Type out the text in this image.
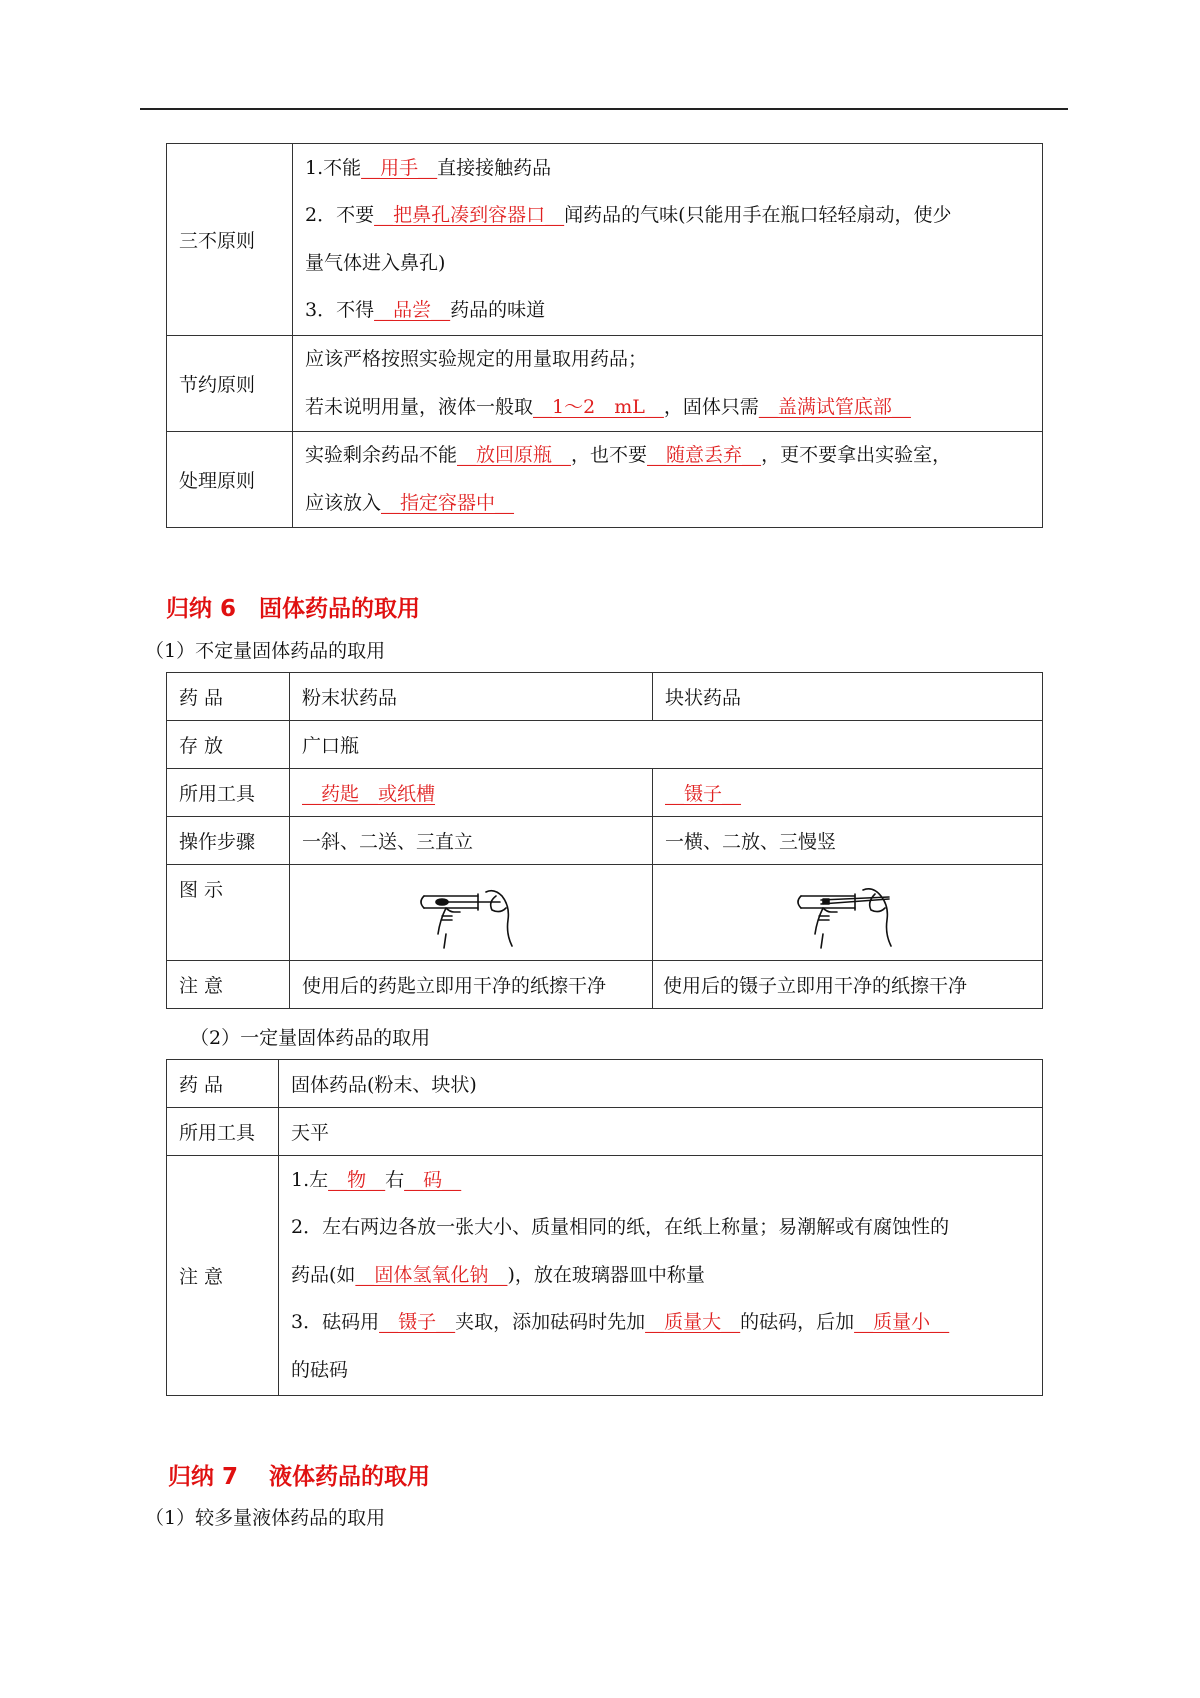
三不原则	1.不能__用手__直接接触药品
2．不要__把鼻孔凑到容器口__闻药品的气味(只能用手在瓶口轻轻扇动，使少
量气体进入鼻孔)
3．不得__品尝__药品的味道

节约原则	应该严格按照实验规定的用量取用药品；
若未说明用量，液体一般取__1～2　mL__，固体只需__盖满试管底部__

处理原则	实验剩余药品不能__放回原瓶__，也不要__随意丢弃__，更不要拿出实验室，
应该放入__指定容器中__
归纳 6　固体药品的取用
（1）不定量固体药品的取用
药 品	粉末状药品	块状药品
存 放	广口瓶	
所用工具	__药匙__或纸槽	__镊子__
操作步骤	一斜、二送、三直立	一横、二放、三慢竖
图 示	

注 意	使用后的药匙立即用干净的纸擦干净	使用后的镊子立即用干净的纸擦干净
（2）一定量固体药品的取用
药 品	固体药品(粉末、块状)
所用工具	天平
注 意	1.左__物__右__码__
2．左右两边各放一张大小、质量相同的纸，在纸上称量；易潮解或有腐蚀性的
药品(如__固体氢氧化钠__)，放在玻璃器皿中称量
3．砝码用__镊子__夹取，添加砝码时先加__质量大__的砝码，后加__质量小__
的砝码
归纳 7　 液体药品的取用
（1）较多量液体药品的取用
